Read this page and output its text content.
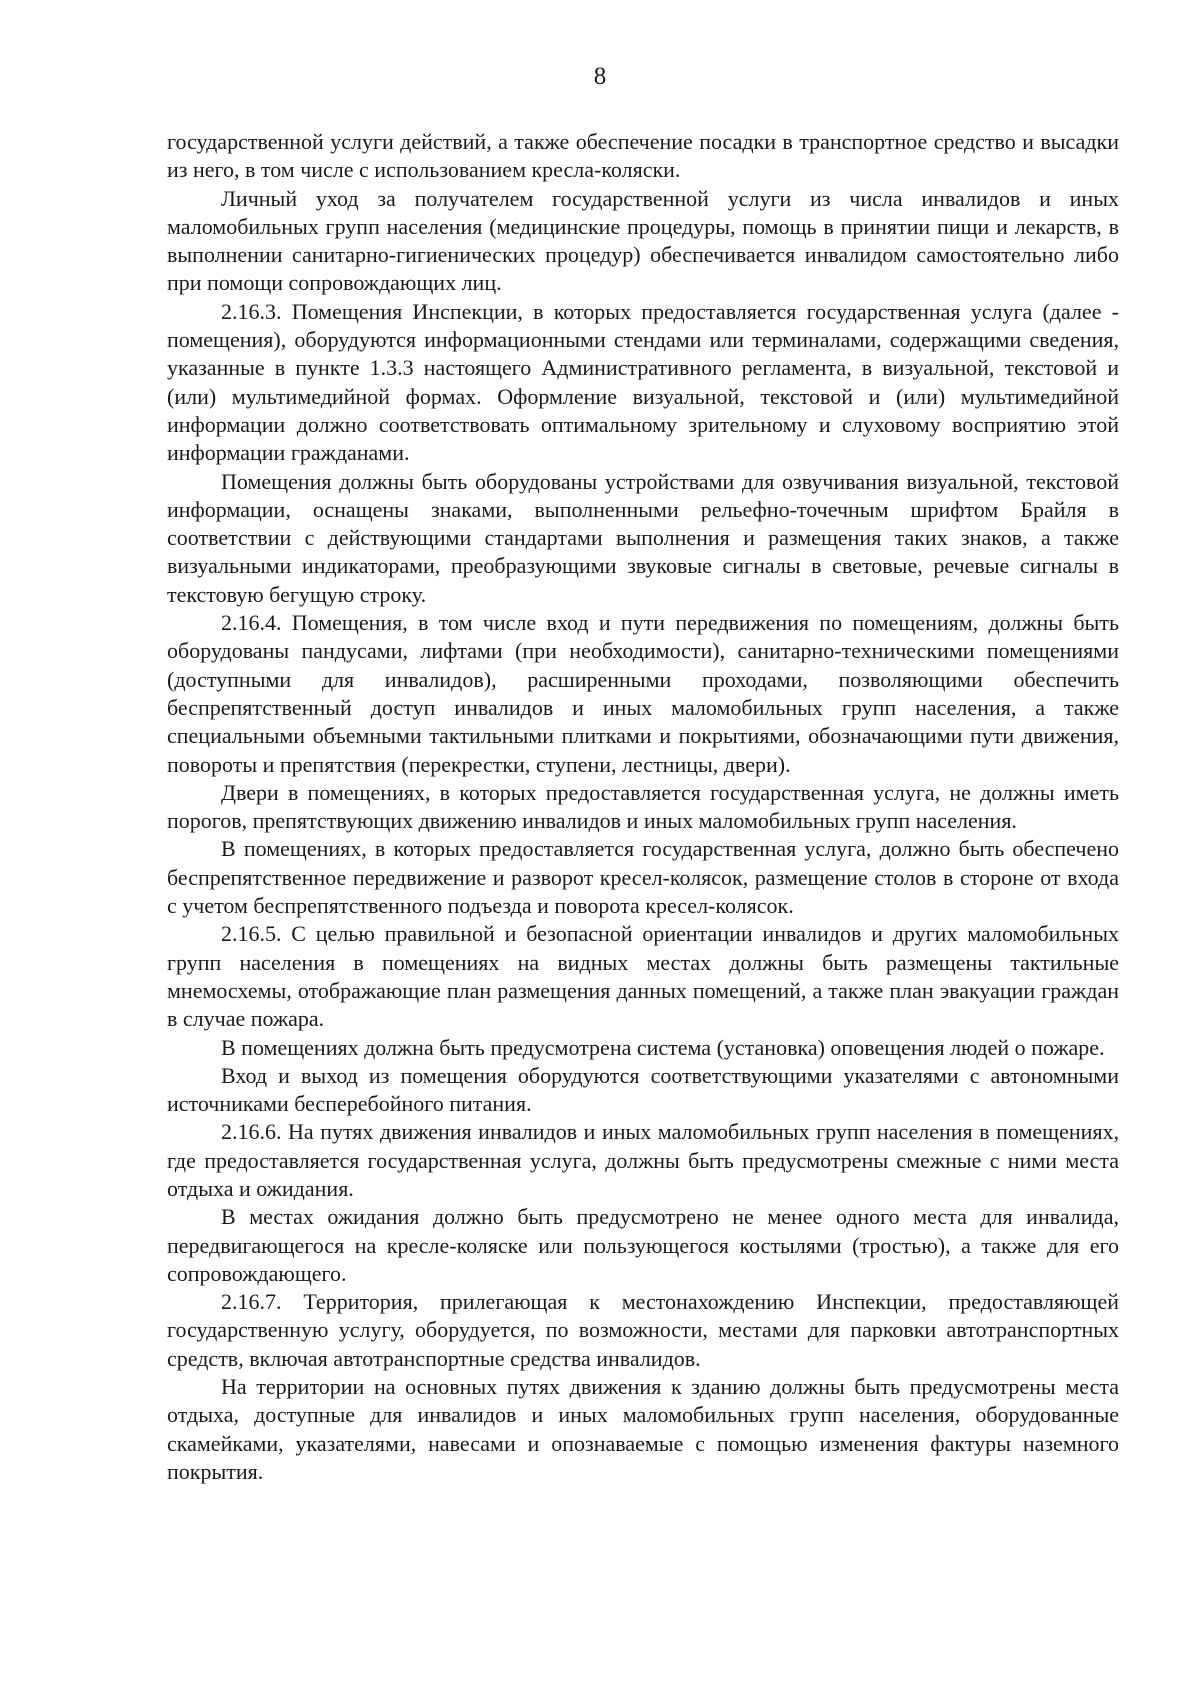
8

государственной услуги действий, а также обеспечение посадки в транспортное средство и высадки из него, в том числе с использованием кресла-коляски.

Личный уход за получателем государственной услуги из числа инвалидов и иных маломобильных групп населения (медицинские процедуры, помощь в принятии пищи и лекарств, в выполнении санитарно-гигиенических процедур) обеспечивается инвалидом самостоятельно либо при помощи сопровождающих лиц.

2.16.3. Помещения Инспекции, в которых предоставляется государственная услуга (далее - помещения), оборудуются информационными стендами или терминалами, содержащими сведения, указанные в пункте 1.3.3 настоящего Административного регламента, в визуальной, текстовой и (или) мультимедийной формах. Оформление визуальной, текстовой и (или) мультимедийной информации должно соответствовать оптимальному зрительному и слуховому восприятию этой информации гражданами.

Помещения должны быть оборудованы устройствами для озвучивания визуальной, текстовой информации, оснащены знаками, выполненными рельефно-точечным шрифтом Брайля в соответствии с действующими стандартами выполнения и размещения таких знаков, а также визуальными индикаторами, преобразующими звуковые сигналы в световые, речевые сигналы в текстовую бегущую строку.

2.16.4. Помещения, в том числе вход и пути передвижения по помещениям, должны быть оборудованы пандусами, лифтами (при необходимости), санитарно-техническими помещениями (доступными для инвалидов), расширенными проходами, позволяющими обеспечить беспрепятственный доступ инвалидов и иных маломобильных групп населения, а также специальными объемными тактильными плитками и покрытиями, обозначающими пути движения, повороты и препятствия (перекрестки, ступени, лестницы, двери).

Двери в помещениях, в которых предоставляется государственная услуга, не должны иметь порогов, препятствующих движению инвалидов и иных маломобильных групп населения.

В помещениях, в которых предоставляется государственная услуга, должно быть обеспечено беспрепятственное передвижение и разворот кресел-колясок, размещение столов в стороне от входа с учетом беспрепятственного подъезда и поворота кресел-колясок.

2.16.5. С целью правильной и безопасной ориентации инвалидов и других маломобильных групп населения в помещениях на видных местах должны быть размещены тактильные мнемосхемы, отображающие план размещения данных помещений, а также план эвакуации граждан в случае пожара.

В помещениях должна быть предусмотрена система (установка) оповещения людей о пожаре.

Вход и выход из помещения оборудуются соответствующими указателями с автономными источниками бесперебойного питания.

2.16.6. На путях движения инвалидов и иных маломобильных групп населения в помещениях, где предоставляется государственная услуга, должны быть предусмотрены смежные с ними места отдыха и ожидания.

В местах ожидания должно быть предусмотрено не менее одного места для инвалида, передвигающегося на кресле-коляске или пользующегося костылями (тростью), а также для его сопровождающего.

2.16.7. Территория, прилегающая к местонахождению Инспекции, предоставляющей государственную услугу, оборудуется, по возможности, местами для парковки автотранспортных средств, включая автотранспортные средства инвалидов.

На территории на основных путях движения к зданию должны быть предусмотрены места отдыха, доступные для инвалидов и иных маломобильных групп населения, оборудованные скамейками, указателями, навесами и опознаваемые с помощью изменения фактуры наземного покрытия.
